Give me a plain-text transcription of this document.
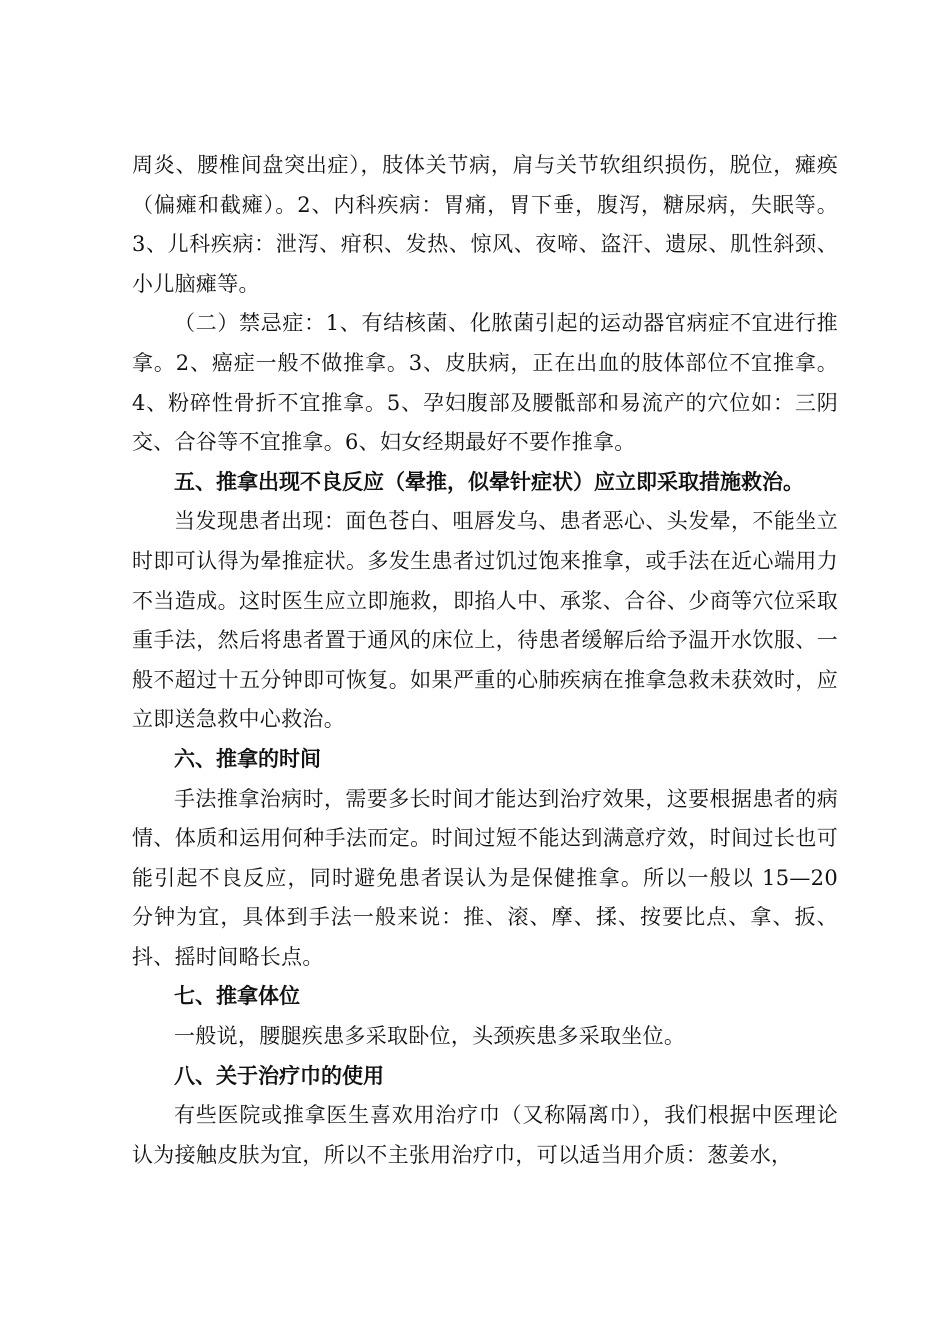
周炎、腰椎间盘突出症），肢体关节病，肩与关节软组织损伤，脱位，瘫痪（偏瘫和截瘫）。2、内科疾病：胃痛，胃下垂，腹泻，糖尿病，失眠等。3、儿科疾病：泄泻、疳积、发热、惊风、夜啼、盗汗、遗尿、肌性斜颈、小儿脑瘫等。

（二）禁忌症：1、有结核菌、化脓菌引起的运动器官病症不宜进行推拿。2、癌症一般不做推拿。3、皮肤病，正在出血的肢体部位不宜推拿。4、粉碎性骨折不宜推拿。5、孕妇腹部及腰骶部和易流产的穴位如：三阴交、合谷等不宜推拿。6、妇女经期最好不要作推拿。

五、推拿出现不良反应（晕推，似晕针症状）应立即采取措施救治。

当发现患者出现：面色苍白、咀唇发乌、患者恶心、头发晕，不能坐立时即可认得为晕推症状。多发生患者过饥过饱来推拿，或手法在近心端用力不当造成。这时医生应立即施救，即掐人中、承浆、合谷、少商等穴位采取重手法，然后将患者置于通风的床位上，待患者缓解后给予温开水饮服、一般不超过十五分钟即可恢复。如果严重的心肺疾病在推拿急救未获效时，应立即送急救中心救治。

六、推拿的时间

手法推拿治病时，需要多长时间才能达到治疗效果，这要根据患者的病情、体质和运用何种手法而定。时间过短不能达到满意疗效，时间过长也可能引起不良反应，同时避免患者误认为是保健推拿。所以一般以 15—20 分钟为宜，具体到手法一般来说：推、滚、摩、揉、按要比点、拿、扳、抖、摇时间略长点。

七、推拿体位

一般说，腰腿疾患多采取卧位，头颈疾患多采取坐位。

八、关于治疗巾的使用

有些医院或推拿医生喜欢用治疗巾（又称隔离巾），我们根据中医理论认为接触皮肤为宜，所以不主张用治疗巾，可以适当用介质：葱姜水，
